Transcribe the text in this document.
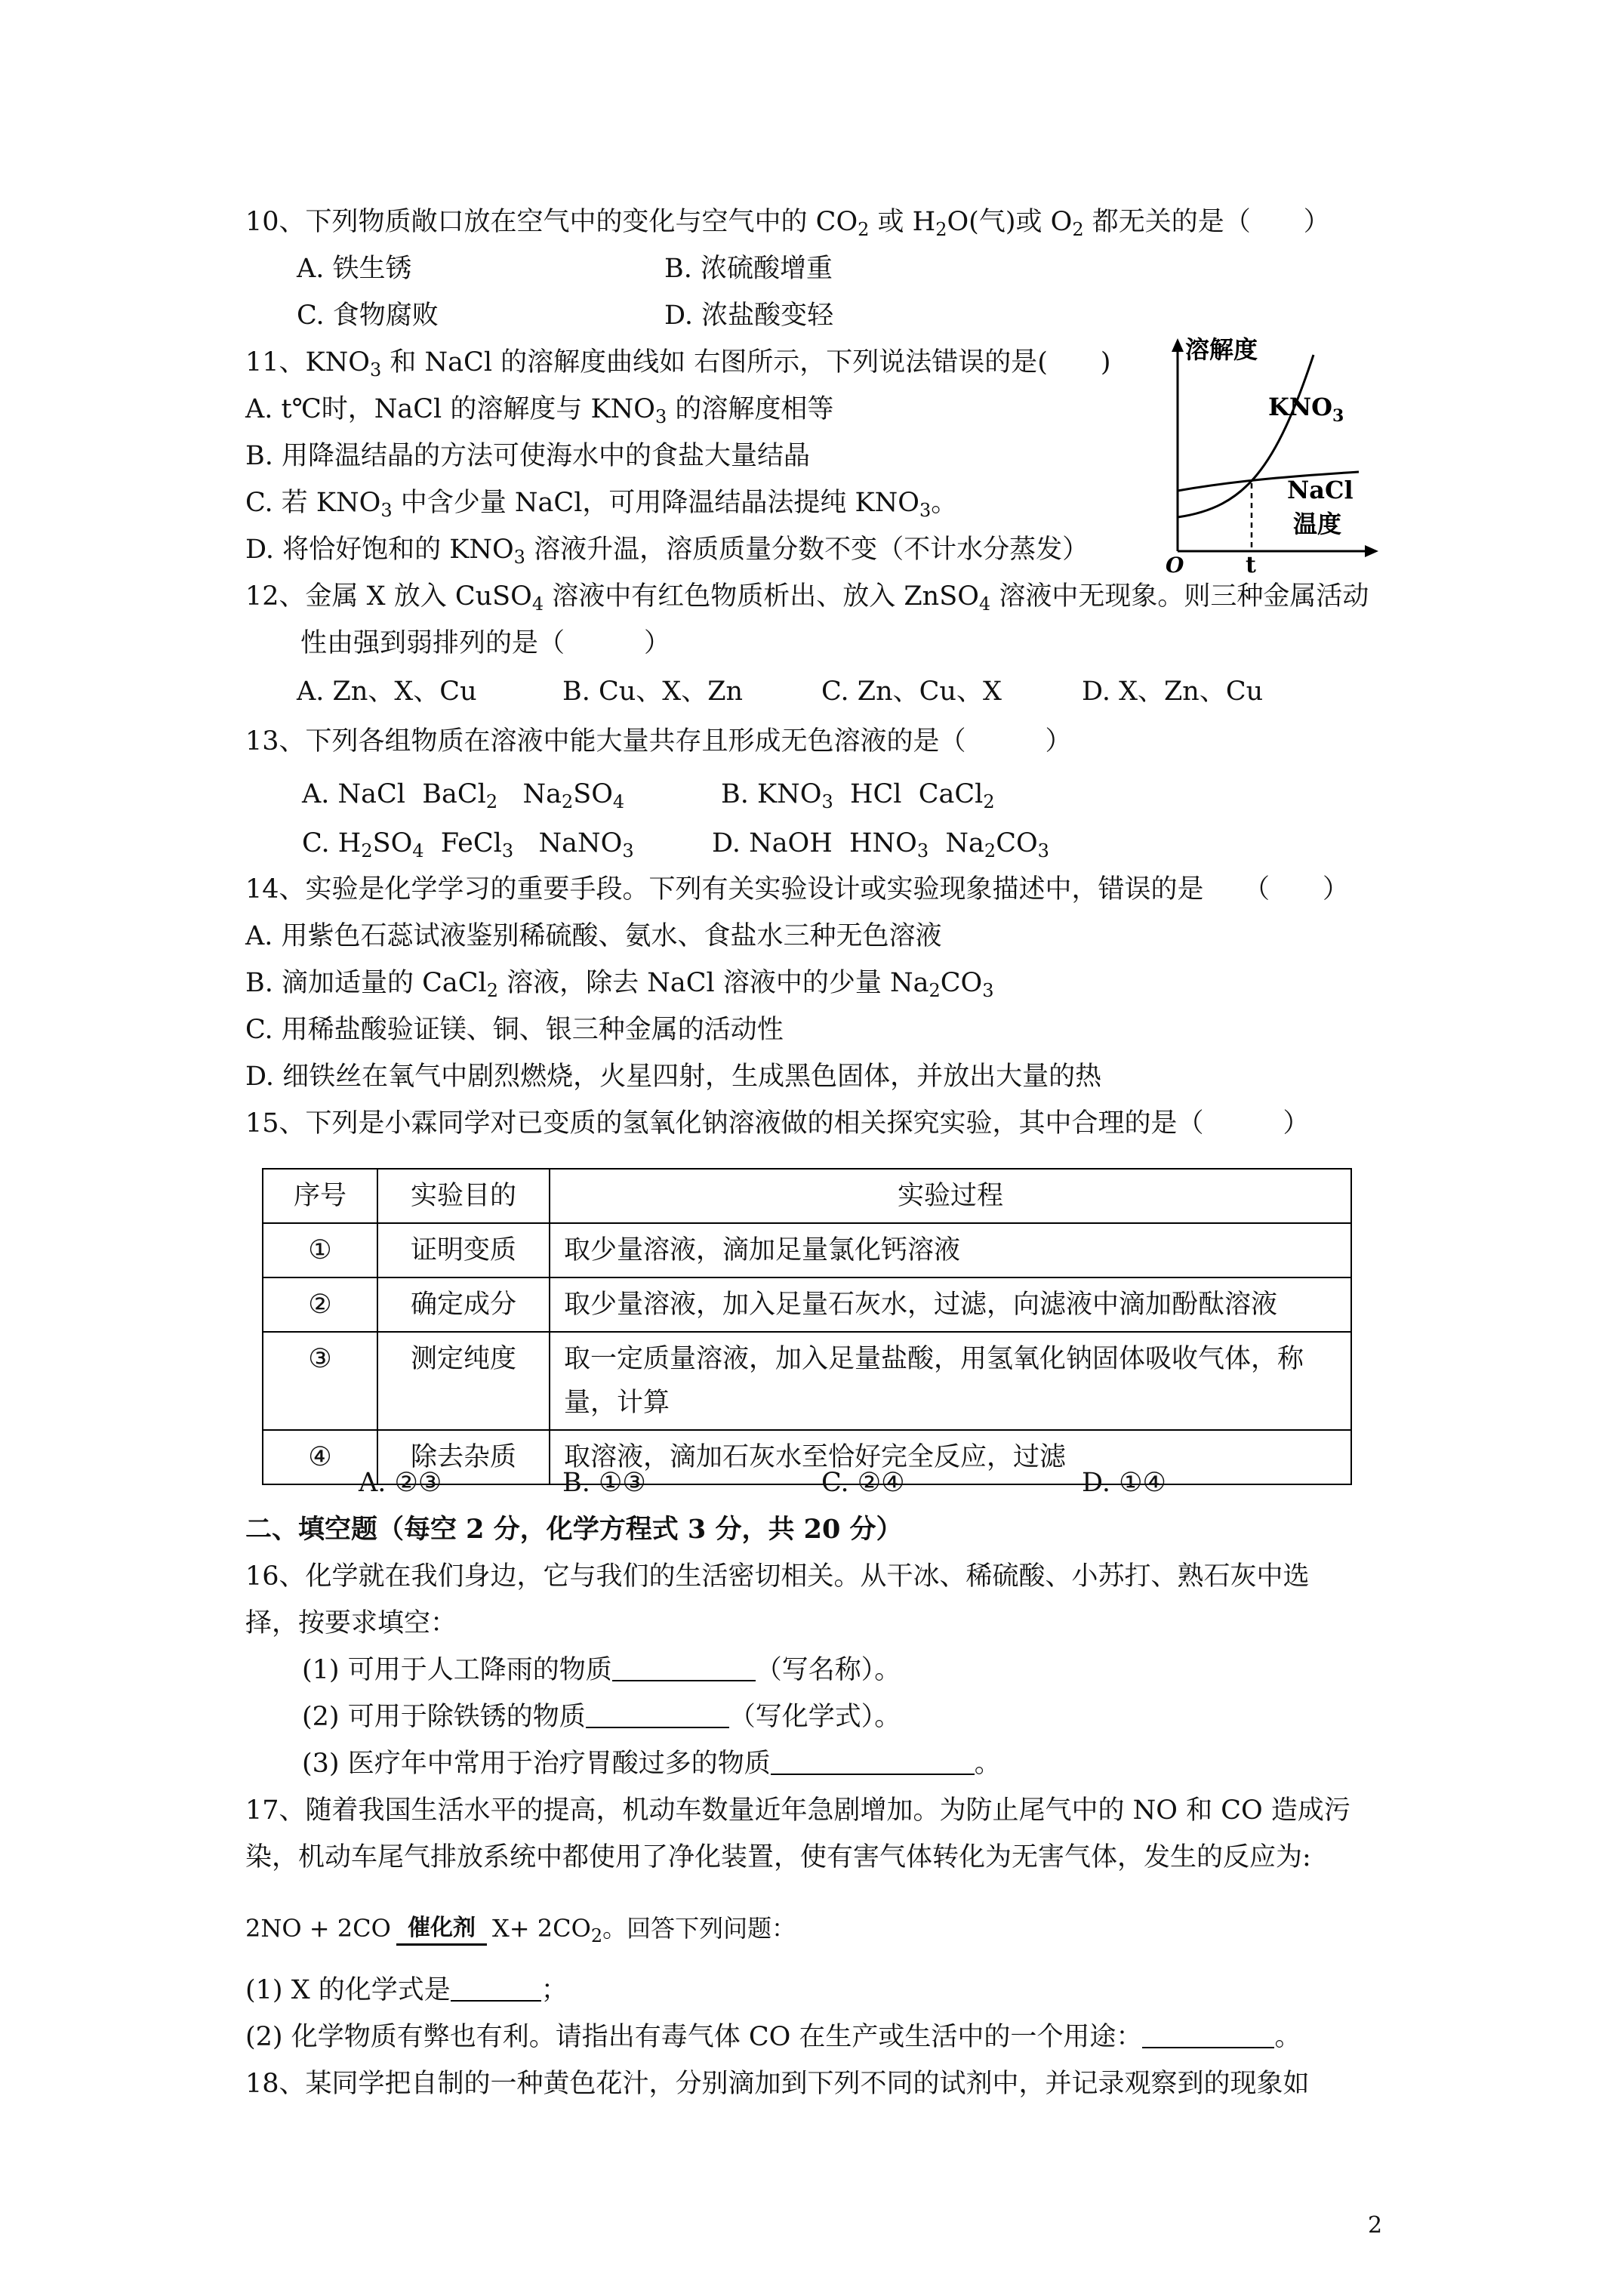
10、下列物质敞口放在空气中的变化与空气中的 $CO_2$ 或 $H_2O$(气)或 $O_2$ 都无关的是（　　）
A. 铁生锈	B. 浓硫酸增重
C. 食物腐败	D. 浓盐酸变轻
11、$KNO_3$ 和 NaCl 的溶解度曲线如 右图所示，下列说法错误的是(　　)
A. t℃时，NaCl 的溶解度与 $KNO_3$ 的溶解度相等
B. 用降温结晶的方法可使海水中的食盐大量结晶
C. 若 $KNO_3$ 中含少量 NaCl，可用降温结晶法提纯 $KNO_3$。
D. 将恰好饱和的 $KNO_3$ 溶液升温，溶质质量分数不变（不计水分蒸发）
溶解度
$KNO_3$
NaCl
温度
O	t
12、金属 X 放入 CuSO$_4$ 溶液中有红色物质析出、放入 ZnSO$_4$ 溶液中无现象。则三种金属活动
性由强到弱排列的是（　　　）
A. Zn、X、Cu	B. Cu、X、Zn	C. Zn、Cu、X	D. X、Zn、Cu
13、下列各组物质在溶液中能大量共存且形成无色溶液的是（　　　）
A. NaCl  BaCl$_2$   $Na_2SO_4$	B. $KNO_3$  HCl  CaCl$_2$
C. $H_2SO_4$  FeCl$_3$   NaNO$_3$	D. NaOH  $HNO_3$  $Na_2CO_3$
14、实验是化学学习的重要手段。下列有关实验设计或实验现象描述中，错误的是　　（　　）
A. 用紫色石蕊试液鉴别稀硫酸、氨水、食盐水三种无色溶液
B. 滴加适量的 CaCl$_2$ 溶液，除去 NaCl 溶液中的少量 $Na_2CO_3$
C. 用稀盐酸验证镁、铜、银三种金属的活动性
D. 细铁丝在氧气中剧烈燃烧，火星四射，生成黑色固体，并放出大量的热
15、下列是小霖同学对已变质的氢氧化钠溶液做的相关探究实验，其中合理的是（　　　）
序号	实验目的	实验过程
①	证明变质	取少量溶液，滴加足量氯化钙溶液
②	确定成分	取少量溶液，加入足量石灰水，过滤，向滤液中滴加酚酞溶液
③	测定纯度	取一定质量溶液，加入足量盐酸，用氢氧化钠固体吸收气体，称量，计算
④	除去杂质	取溶液，滴加石灰水至恰好完全反应，过滤
A. ②③	B. ①③	C. ②④	D. ①④
二、填空题（每空 2 分，化学方程式 3 分，共 20 分）
16、化学就在我们身边，它与我们的生活密切相关。从干冰、稀硫酸、小苏打、熟石灰中选
择，按要求填空：
(1) 可用于人工降雨的物质	（写名称）。
(2) 可用于除铁锈的物质	（写化学式）。
(3) 医疗年中常用于治疗胃酸过多的物质	。
17、随着我国生活水平的提高，机动车数量近年急剧增加。为防止尾气中的 NO 和 CO 造成污
染，机动车尾气排放系统中都使用了净化装置，使有害气体转化为无害气体，发生的反应为:
2NO + 2CO 催化剂 $X+ 2CO_2$。回答下列问题：
(1) X 的化学式是	；
(2) 化学物质有弊也有利。请指出有毒气体 CO 在生产或生活中的一个用途：	。
18、某同学把自制的一种黄色花汁，分别滴加到下列不同的试剂中，并记录观察到的现象如
2
